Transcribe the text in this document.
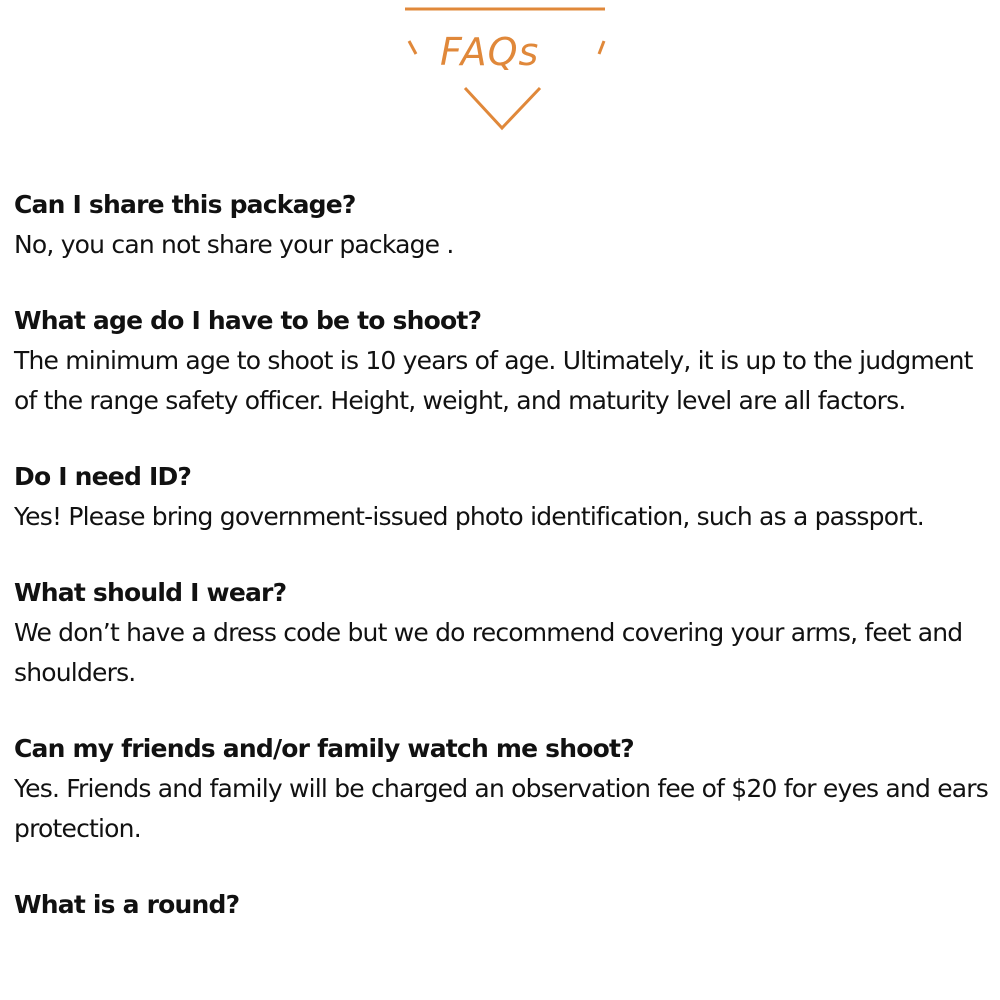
FAQs

Can I share this package?

No, you can not share your package .

What age do I have to be to shoot?

The minimum age to shoot is 10 years of age. Ultimately, it is up to the judgment of the range safety officer. Height, weight, and maturity level are all factors.

Do I need ID?

Yes! Please bring government-issued photo identification, such as a passport.

What should I wear?

We don’t have a dress code but we do recommend covering your arms, feet and shoulders.

Can my friends and/or family watch me shoot?

Yes. Friends and family will be charged an observation fee of $20 for eyes and ears protection.

What is a round?
